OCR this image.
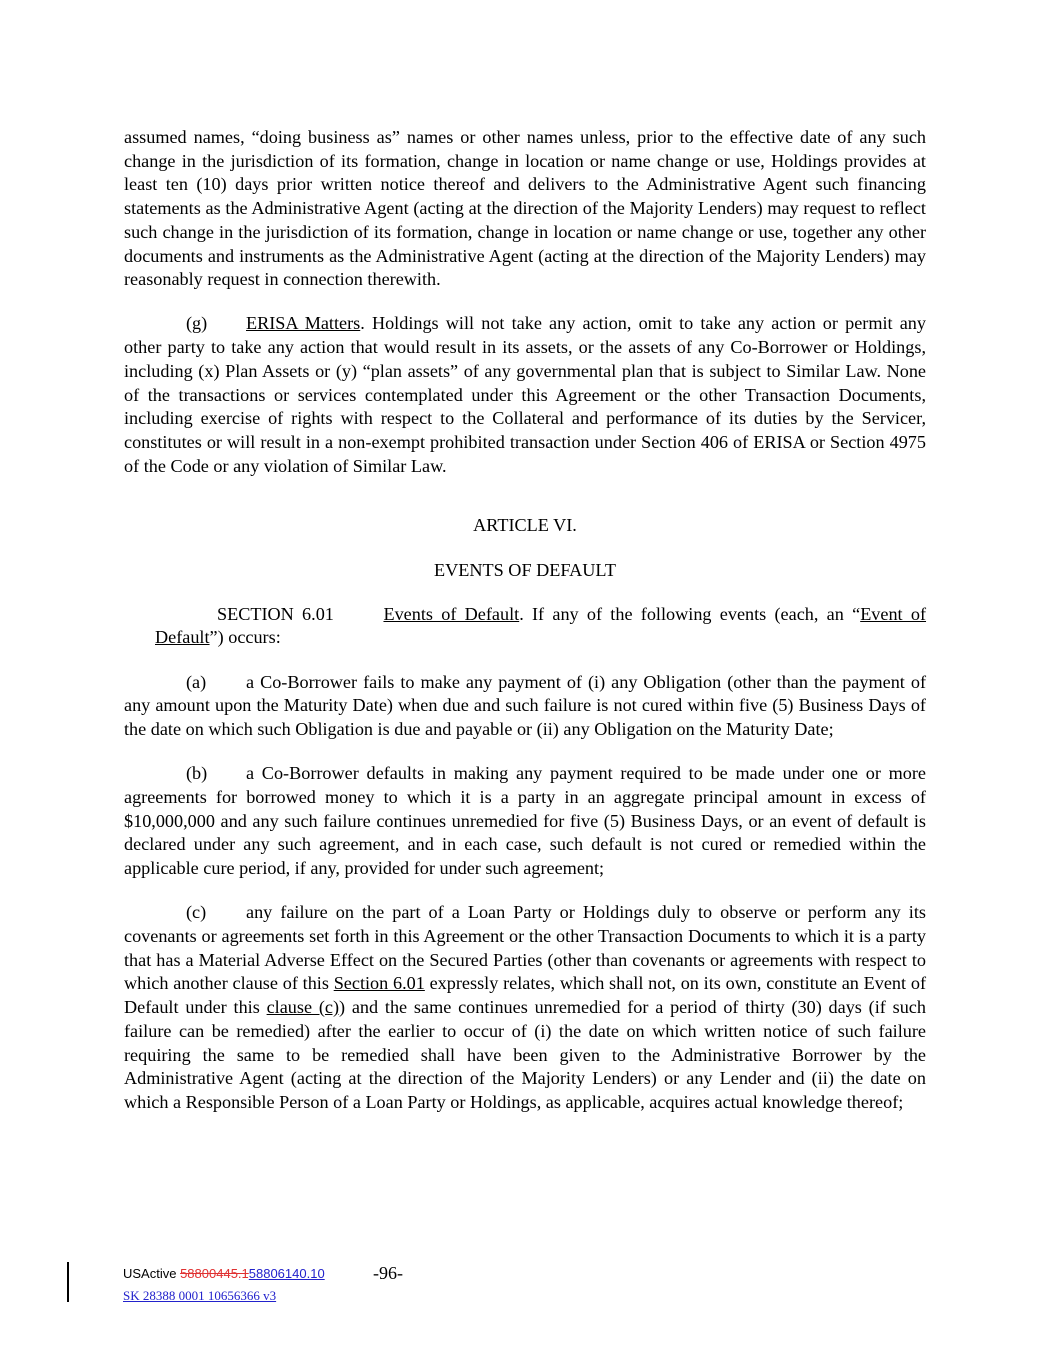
assumed names, “doing business as” names or other names unless, prior to the effective date of any such change in the jurisdiction of its formation, change in location or name change or use, Holdings provides at least ten (10) days prior written notice thereof and delivers to the Administrative Agent such financing statements as the Administrative Agent (acting at the direction of the Majority Lenders) may request to reflect such change in the jurisdiction of its formation, change in location or name change or use, together any other documents and instruments as the Administrative Agent (acting at the direction of the Majority Lenders) may reasonably request in connection therewith.

(g) ERISA Matters. Holdings will not take any action, omit to take any action or permit any other party to take any action that would result in its assets, or the assets of any Co-Borrower or Holdings, including (x) Plan Assets or (y) “plan assets” of any governmental plan that is subject to Similar Law. None of the transactions or services contemplated under this Agreement or the other Transaction Documents, including exercise of rights with respect to the Collateral and performance of its duties by the Servicer, constitutes or will result in a non-exempt prohibited transaction under Section 406 of ERISA or Section 4975 of the Code or any violation of Similar Law.

ARTICLE VI.

EVENTS OF DEFAULT

SECTION 6.01	Events of Default. If any of the following events (each, an “Event of Default”) occurs:

(a) a Co-Borrower fails to make any payment of (i) any Obligation (other than the payment of any amount upon the Maturity Date) when due and such failure is not cured within five (5) Business Days of the date on which such Obligation is due and payable or (ii) any Obligation on the Maturity Date;

(b) a Co-Borrower defaults in making any payment required to be made under one or more agreements for borrowed money to which it is a party in an aggregate principal amount in excess of $10,000,000 and any such failure continues unremedied for five (5) Business Days, or an event of default is declared under any such agreement, and in each case, such default is not cured or remedied within the applicable cure period, if any, provided for under such agreement;

(c) any failure on the part of a Loan Party or Holdings duly to observe or perform any its covenants or agreements set forth in this Agreement or the other Transaction Documents to which it is a party that has a Material Adverse Effect on the Secured Parties (other than covenants or agreements with respect to which another clause of this Section 6.01 expressly relates, which shall not, on its own, constitute an Event of Default under this clause (c)) and the same continues unremedied for a period of thirty (30) days (if such failure can be remedied) after the earlier to occur of (i) the date on which written notice of such failure requiring the same to be remedied shall have been given to the Administrative Borrower by the Administrative Agent (acting at the direction of the Majority Lenders) or any Lender and (ii) the date on which a Responsible Person of a Loan Party or Holdings, as applicable, acquires actual knowledge thereof;

USActive 58800445.158806140.10	-96-
SK 28388 0001 10656366 v3
